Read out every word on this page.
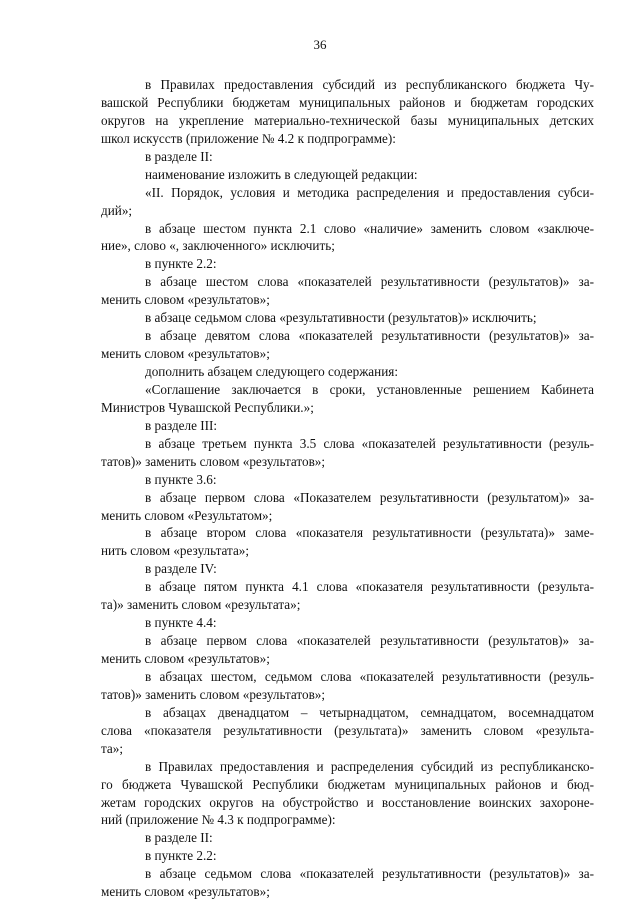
36
в Правилах предоставления субсидий из республиканского бюджета Чу-
вашской Республики бюджетам муниципальных районов и бюджетам городских
округов на укрепление материально-технической базы муниципальных детских
школ искусств (приложение № 4.2 к подпрограмме):
в разделе II:
наименование изложить в следующей редакции:
«II. Порядок, условия и методика распределения и предоставления субси-
дий»;
в абзаце шестом пункта 2.1 слово «наличие» заменить словом «заключе-
ние», слово «, заключенного» исключить;
в пункте 2.2:
в абзаце шестом слова «показателей результативности (результатов)» за-
менить словом «результатов»;
в абзаце седьмом слова «результативности (результатов)» исключить;
в абзаце девятом слова «показателей результативности (результатов)» за-
менить словом «результатов»;
дополнить абзацем следующего содержания:
«Соглашение заключается в сроки, установленные решением Кабинета
Министров Чувашской Республики.»;
в разделе III:
в абзаце третьем пункта 3.5 слова «показателей результативности (резуль-
татов)» заменить словом «результатов»;
в пункте 3.6:
в абзаце первом слова «Показателем результативности (результатом)» за-
менить словом «Результатом»;
в абзаце втором слова «показателя результативности (результата)» заме-
нить словом «результата»;
в разделе IV:
в абзаце пятом пункта 4.1 слова «показателя результативности (результа-
та)» заменить словом «результата»;
в пункте 4.4:
в абзаце первом слова «показателей результативности (результатов)» за-
менить словом «результатов»;
в абзацах шестом, седьмом слова «показателей результативности (резуль-
татов)» заменить словом «результатов»;
в абзацах двенадцатом – четырнадцатом, семнадцатом, восемнадцатом
слова «показателя результативности (результата)» заменить словом «результа-
та»;
в Правилах предоставления и распределения субсидий из республиканско-
го бюджета Чувашской Республики бюджетам муниципальных районов и бюд-
жетам городских округов на обустройство и восстановление воинских захороне-
ний (приложение № 4.3 к подпрограмме):
в разделе II:
в пункте 2.2:
в абзаце седьмом слова «показателей результативности (результатов)» за-
менить словом «результатов»;
